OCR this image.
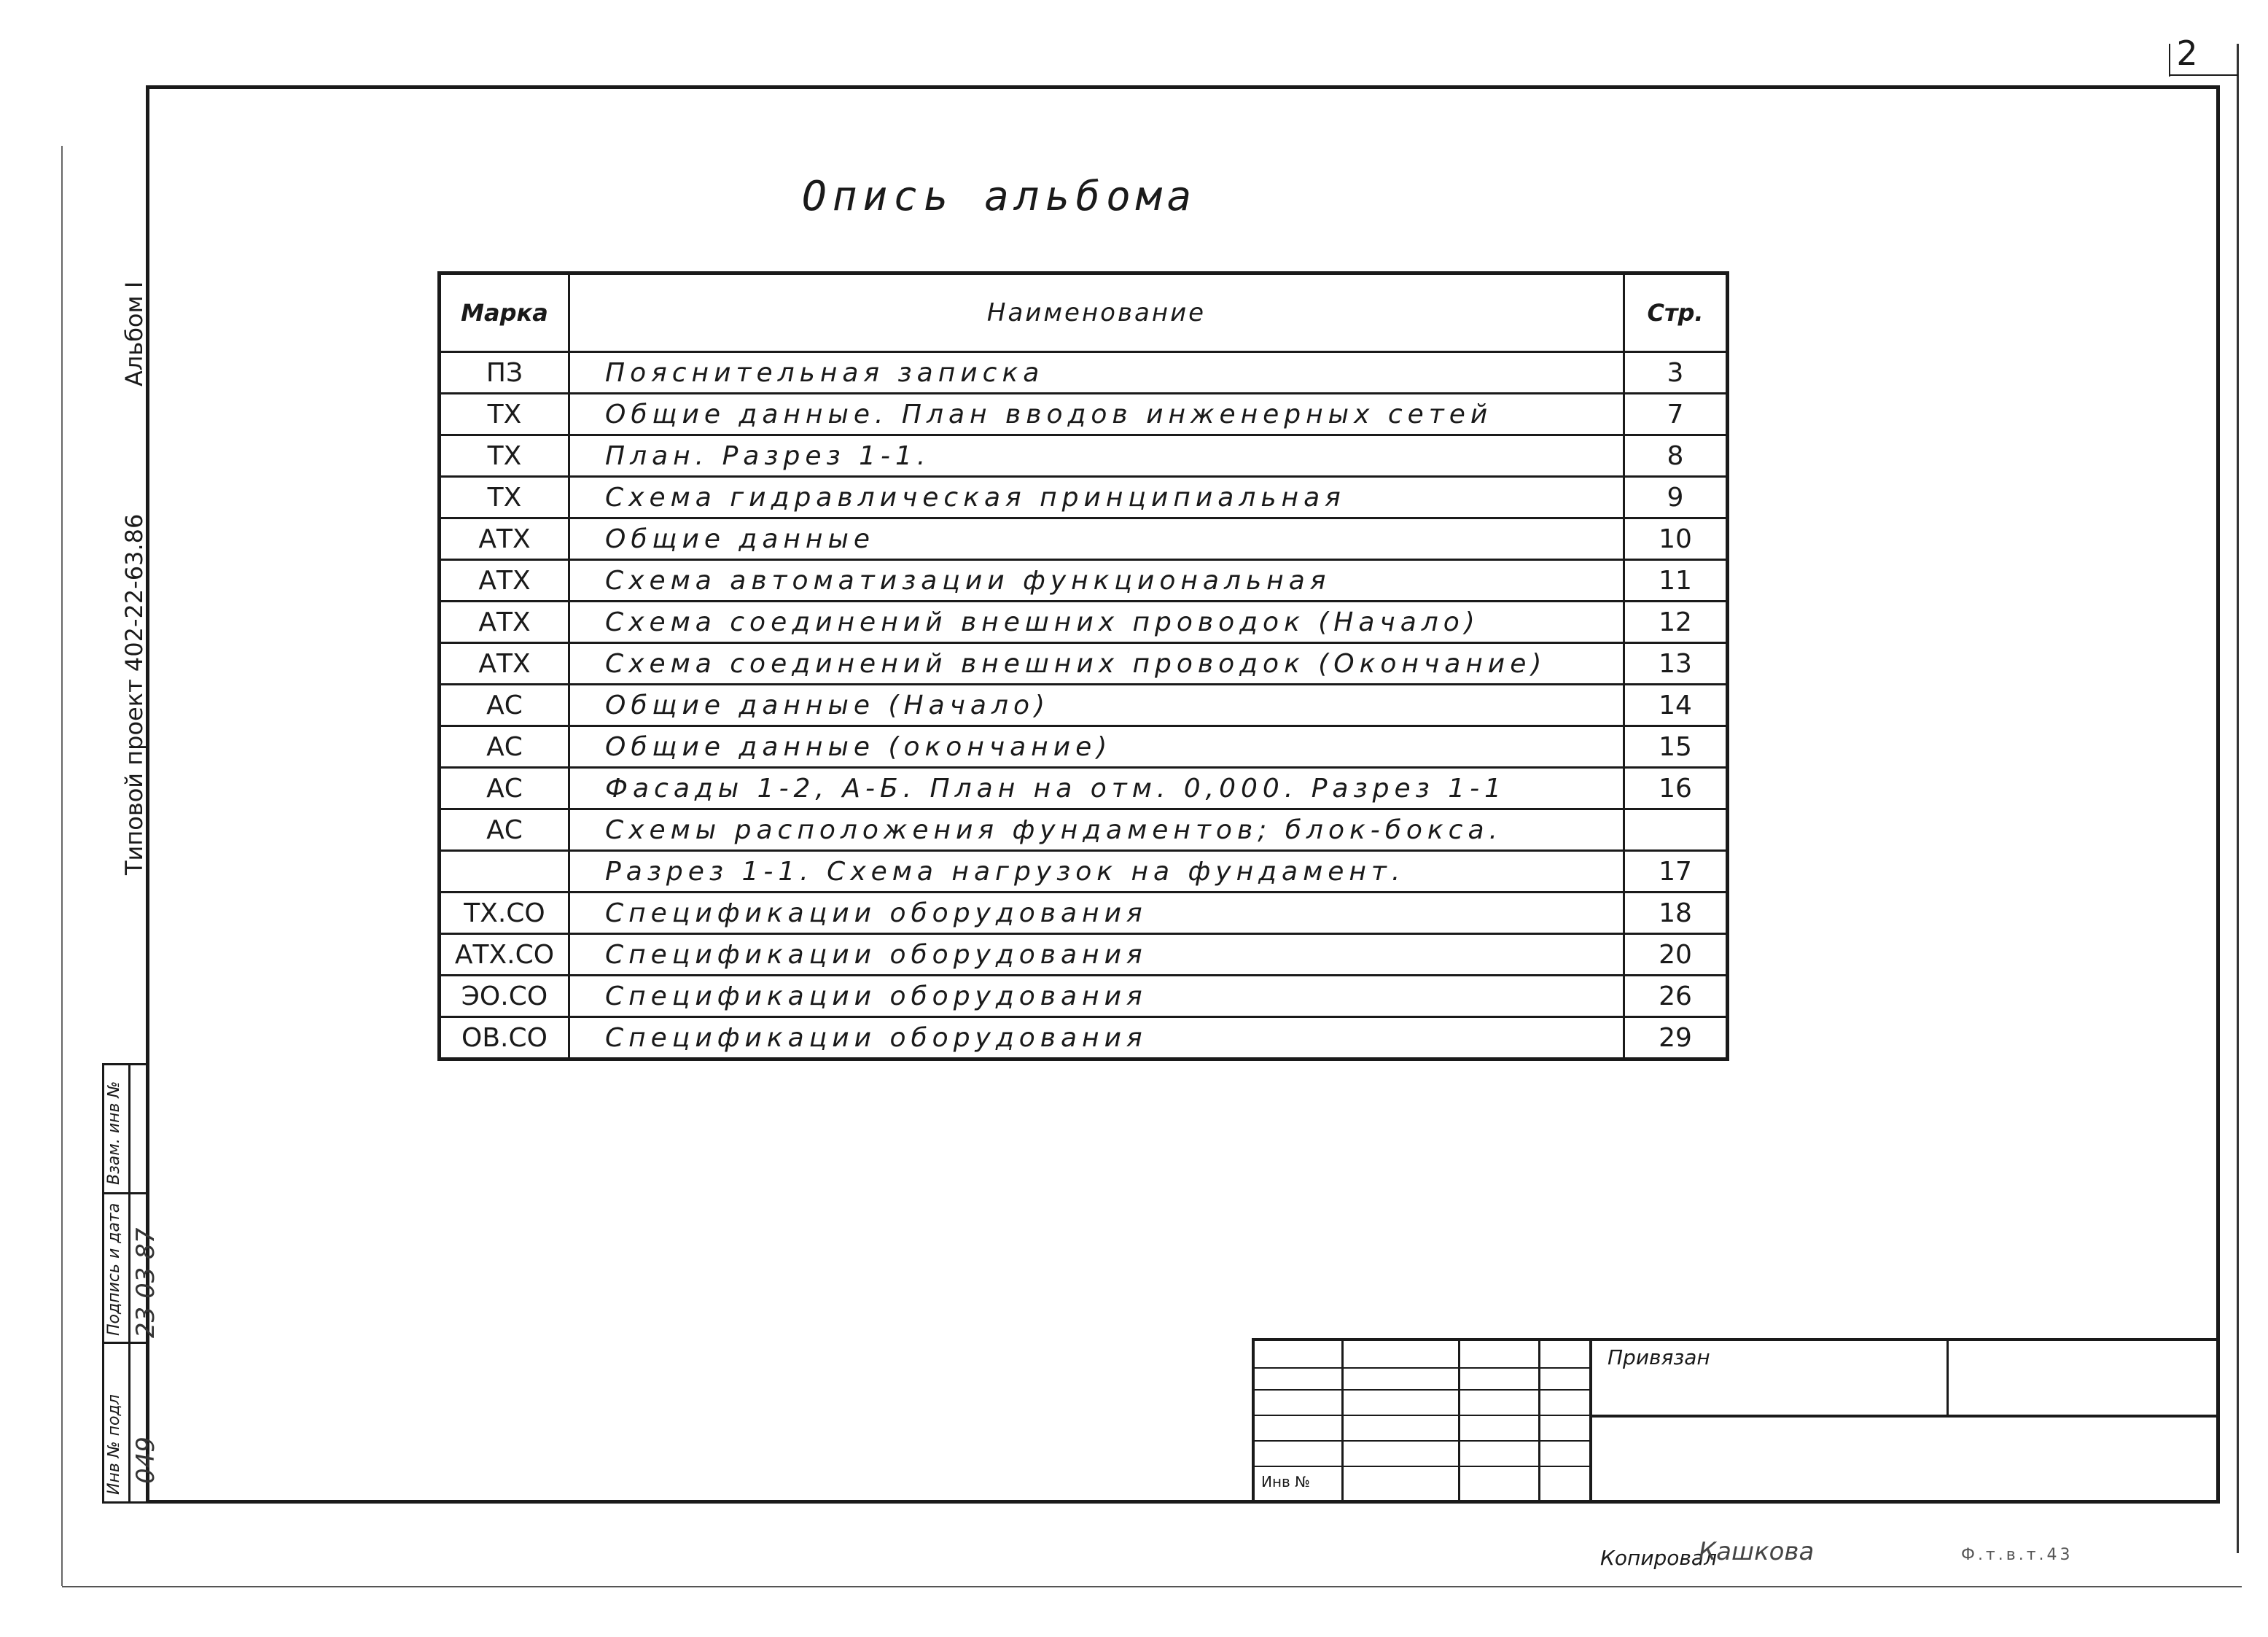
2
Альбом I
Типовой проект 402-22-63.86
Взам. инв №
Подпись и дата
Инв № подл
23 03 87
049
Опись альбома
Марка	Наименование	Стр.
ПЗ	Пояснительная записка	3
ТХ	Общие данные. План вводов инженерных сетей	7
ТХ	План. Разрез 1-1.	8
ТХ	Схема гидравлическая принципиальная	9
АТХ	Общие данные	10
АТХ	Схема автоматизации функциональная	11
АТХ	Схема соединений внешних проводок (Начало)	12
АТХ	Схема соединений внешних проводок (Окончание)	13
АС	Общие данные (Начало)	14
АС	Общие данные (окончание)	15
АС	Фасады 1-2, А-Б. План на отм. 0,000. Разрез 1-1	16
АС	Схемы расположения фундаментов; блок-бокса.	
	Разрез 1-1. Схема нагрузок на фундамент.	17
ТХ.СО	Спецификации оборудования	18
АТХ.СО	Спецификации оборудования	20
ЭО.СО	Спецификации оборудования	26
ОВ.СО	Спецификации оборудования	29
Привязан
Инв №
Копировал
Кашкова	Ф.т.в.т.43
